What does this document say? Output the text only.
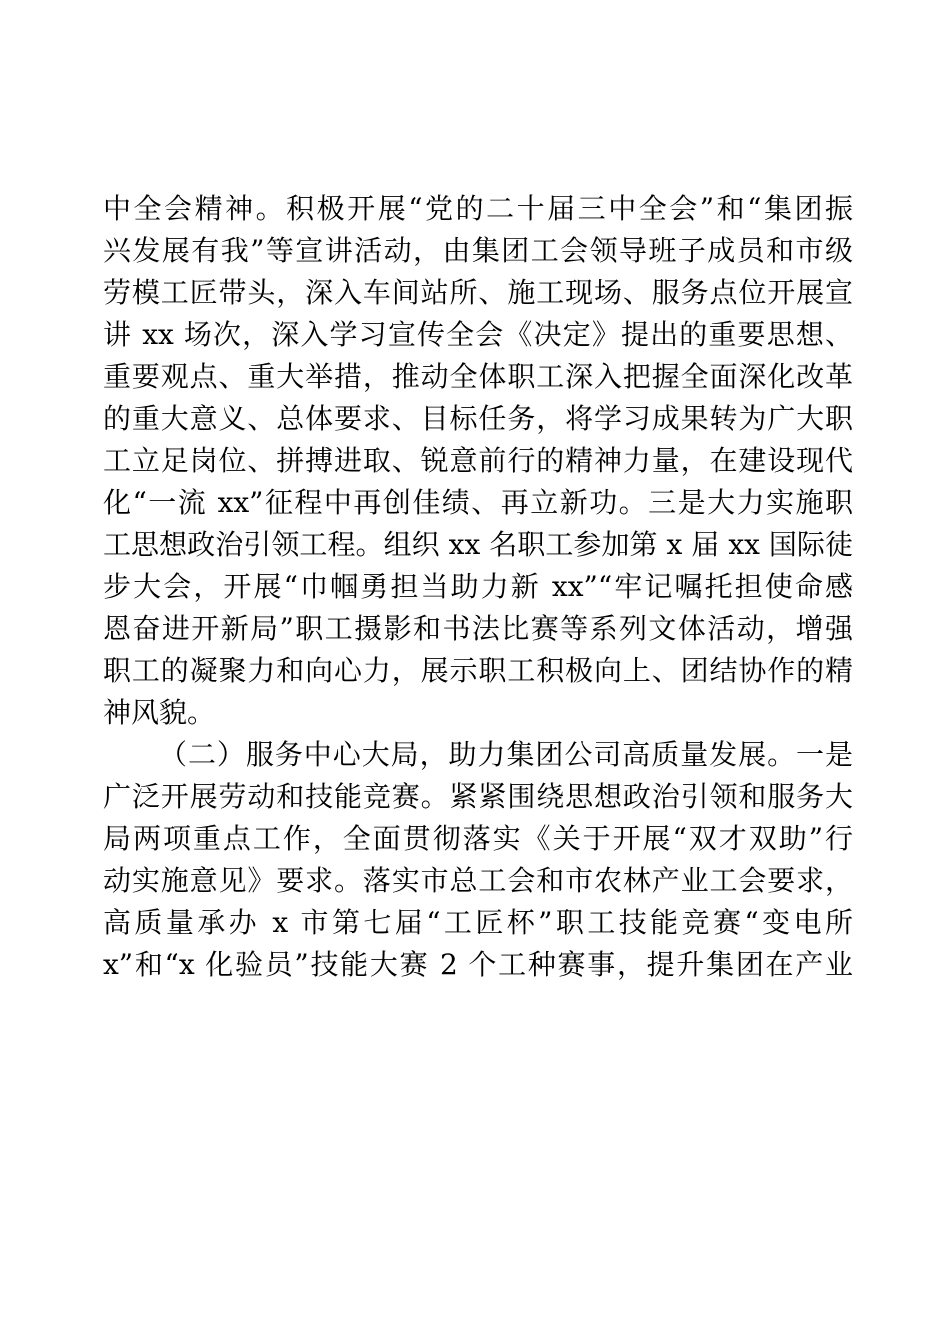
中全会精神。积极开展“党的二十届三中全会”和“集团振
兴发展有我”等宣讲活动，由集团工会领导班子成员和市级
劳模工匠带头，深入车间站所、施工现场、服务点位开展宣
讲 xx 场次，深入学习宣传全会《决定》提出的重要思想、
重要观点、重大举措，推动全体职工深入把握全面深化改革
的重大意义、总体要求、目标任务，将学习成果转为广大职
工立足岗位、拼搏进取、锐意前行的精神力量，在建设现代
化“一流 xx”征程中再创佳绩、再立新功。三是大力实施职
工思想政治引领工程。组织 xx 名职工参加第 x 届 xx 国际徒
步大会，开展“巾帼勇担当助力新 xx”“牢记嘱托担使命感
恩奋进开新局”职工摄影和书法比赛等系列文体活动，增强
职工的凝聚力和向心力，展示职工积极向上、团结协作的精
神风貌。
（二）服务中心大局，助力集团公司高质量发展。一是
广泛开展劳动和技能竞赛。紧紧围绕思想政治引领和服务大
局两项重点工作，全面贯彻落实《关于开展“双才双助”行
动实施意见》要求。落实市总工会和市农林产业工会要求，
高质量承办 x 市第七届“工匠杯”职工技能竞赛“变电所
x”和“x 化验员”技能大赛 2 个工种赛事，提升集团在产业
